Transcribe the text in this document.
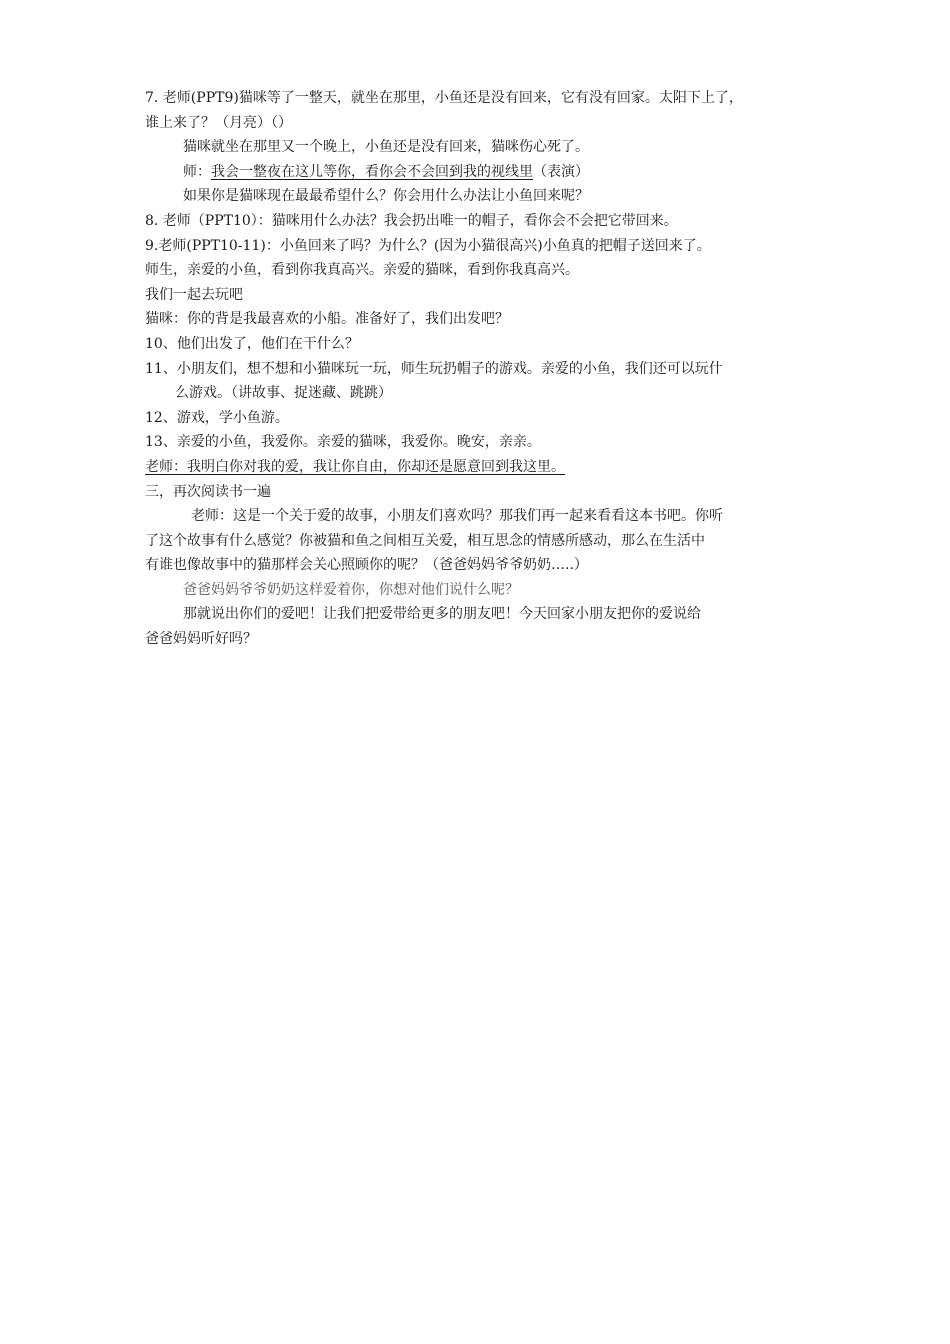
7. 老师(PPT9)猫咪等了一整天，就坐在那里，小鱼还是没有回来，它有没有回家。太阳下上了，
谁上来了？（月亮）（）
猫咪就坐在那里又一个晚上，小鱼还是没有回来，猫咪伤心死了。
师：我会一整夜在这儿等你，看你会不会回到我的视线里（表演）
如果你是猫咪现在最最希望什么？你会用什么办法让小鱼回来呢？
8. 老师（PPT10）：猫咪用什么办法？我会扔出唯一的帽子，看你会不会把它带回来。
9.老师(PPT10-11)：小鱼回来了吗？为什么？(因为小猫很高兴)小鱼真的把帽子送回来了。
师生，亲爱的小鱼，看到你我真高兴。亲爱的猫咪，看到你我真高兴。
我们一起去玩吧
猫咪：你的背是我最喜欢的小船。准备好了，我们出发吧？
10、他们出发了，他们在干什么？
11、小朋友们，想不想和小猫咪玩一玩，师生玩扔帽子的游戏。亲爱的小鱼，我们还可以玩什
么游戏。（讲故事、捉迷藏、跳跳）
12、游戏，学小鱼游。
13、亲爱的小鱼，我爱你。亲爱的猫咪，我爱你。晚安，亲亲。
老师：我明白你对我的爱，我让你自由，你却还是愿意回到我这里。
三，再次阅读书一遍
老师：这是一个关于爱的故事，小朋友们喜欢吗？那我们再一起来看看这本书吧。你听
了这个故事有什么感觉？你被猫和鱼之间相互关爱，相互思念的情感所感动，那么在生活中
有谁也像故事中的猫那样会关心照顾你的呢？（爸爸妈妈爷爷奶奶…..）
爸爸妈妈爷爷奶奶这样爱着你，你想对他们说什么呢？
那就说出你们的爱吧！让我们把爱带给更多的朋友吧！今天回家小朋友把你的爱说给
爸爸妈妈听好吗？
